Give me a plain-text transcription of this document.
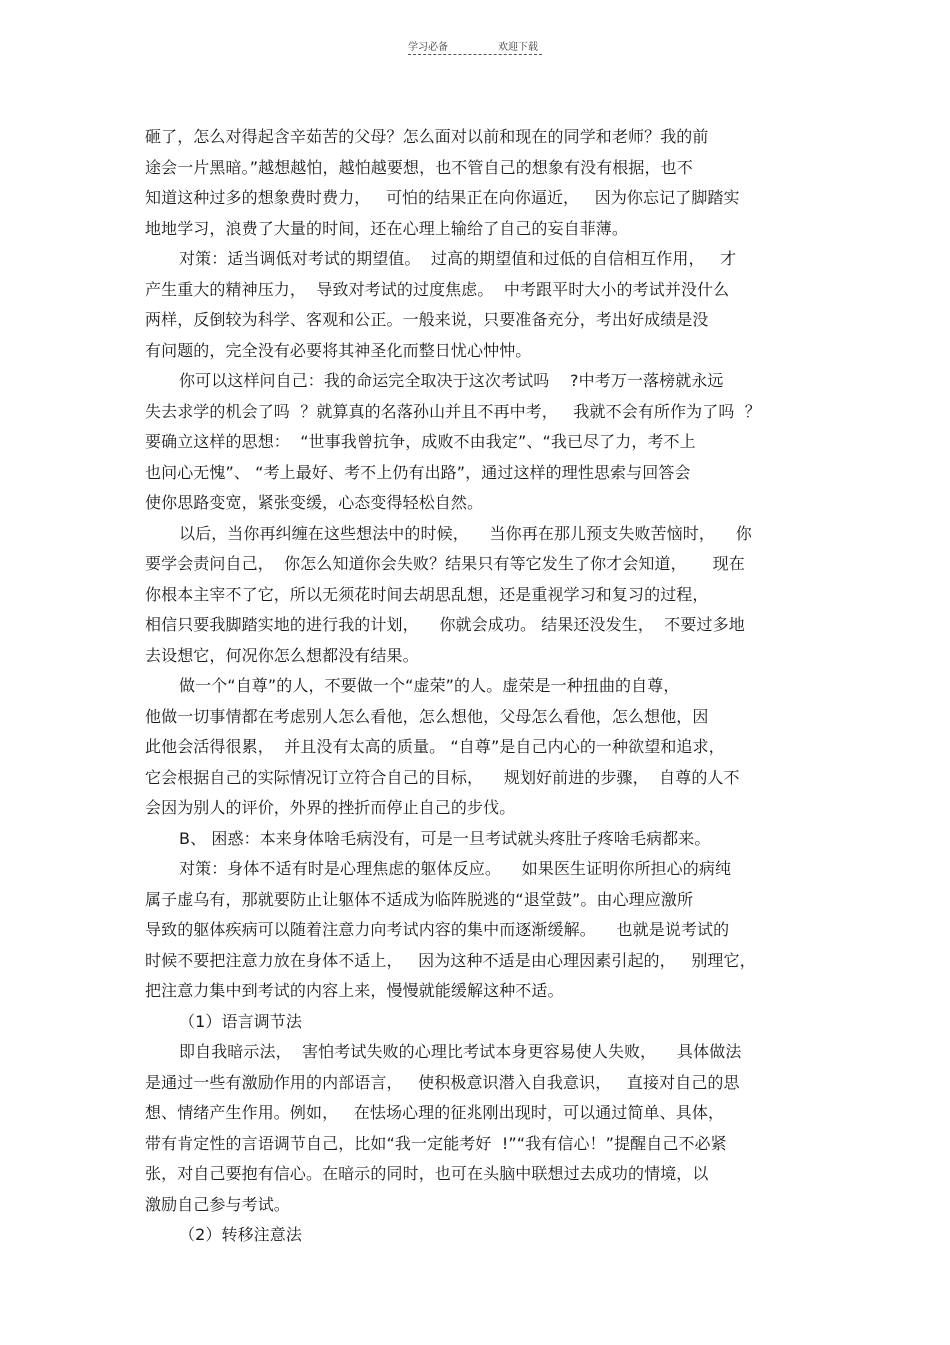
学习必备	欢迎下载
砸了，怎么对得起含辛茹苦的父母？怎么面对以前和现在的同学和老师？我的前
途会一片黑暗。”越想越怕，越怕越要想，也不管自己的想象有没有根据，也不
知道这种过多的想象费时费力，   可怕的结果正在向你逼近，   因为你忘记了脚踏实
地地学习，浪费了大量的时间，还在心理上输给了自己的妄自菲薄。
对策：适当调低对考试的期望值。  过高的期望值和过低的自信相互作用，   才
产生重大的精神压力，  导致对考试的过度焦虑。  中考跟平时大小的考试并没什么
两样，反倒较为科学、客观和公正。一般来说，只要准备充分，考出好成绩是没
有问题的，完全没有必要将其神圣化而整日忧心忡忡。
你可以这样问自己：我的命运完全取决于这次考试吗    ?中考万一落榜就永远
失去求学的机会了吗  ？就算真的名落孙山并且不再中考，   我就不会有所作为了吗  ？
要确立这样的思想：  “世事我曾抗争，成败不由我定”、“我已尽了力，考不上
也问心无愧”、 “考上最好、考不上仍有出路”，通过这样的理性思索与回答会
使你思路变宽，紧张变缓，心态变得轻松自然。
以后，当你再纠缠在这些想法中的时候，    当你再在那儿预支失败苦恼时，    你
要学会责问自己，  你怎么知道你会失败？结果只有等它发生了你才会知道，     现在
你根本主宰不了它，所以无须花时间去胡思乱想，还是重视学习和复习的过程，
相信只要我脚踏实地的进行我的计划，    你就会成功。 结果还没发生，  不要过多地
去设想它，何况你怎么想都没有结果。
做一个“自尊”的人，不要做一个“虚荣”的人。虚荣是一种扭曲的自尊，
他做一切事情都在考虑别人怎么看他，怎么想他，父母怎么看他，怎么想他，因
此他会活得很累，  并且没有太高的质量。 “自尊”是自己内心的一种欲望和追求，
它会根据自己的实际情况订立符合自己的目标，    规划好前进的步骤，  自尊的人不
会因为别人的评价，外界的挫折而停止自己的步伐。
B、 困惑：本来身体啥毛病没有，可是一旦考试就头疼肚子疼啥毛病都来。
对策：身体不适有时是心理焦虑的躯体反应。    如果医生证明你所担心的病纯
属子虚乌有，那就要防止让躯体不适成为临阵脱逃的“退堂鼓”。由心理应激所
导致的躯体疾病可以随着注意力向考试内容的集中而逐渐缓解。    也就是说考试的
时候不要把注意力放在身体不适上，   因为这种不适是由心理因素引起的，   别理它，
把注意力集中到考试的内容上来，慢慢就能缓解这种不适。
（1）语言调节法
即自我暗示法，  害怕考试失败的心理比考试本身更容易使人失败，    具体做法
是通过一些有激励作用的内部语言，   使积极意识潜入自我意识，   直接对自己的思
想、情绪产生作用。例如，   在怯场心理的征兆刚出现时，可以通过简单、具体，
带有肯定性的言语调节自己，比如“我一定能考好  !”“我有信心！”提醒自己不必紧
张，对自己要抱有信心。在暗示的同时，也可在头脑中联想过去成功的情境，以
激励自己参与考试。
（2）转移注意法
